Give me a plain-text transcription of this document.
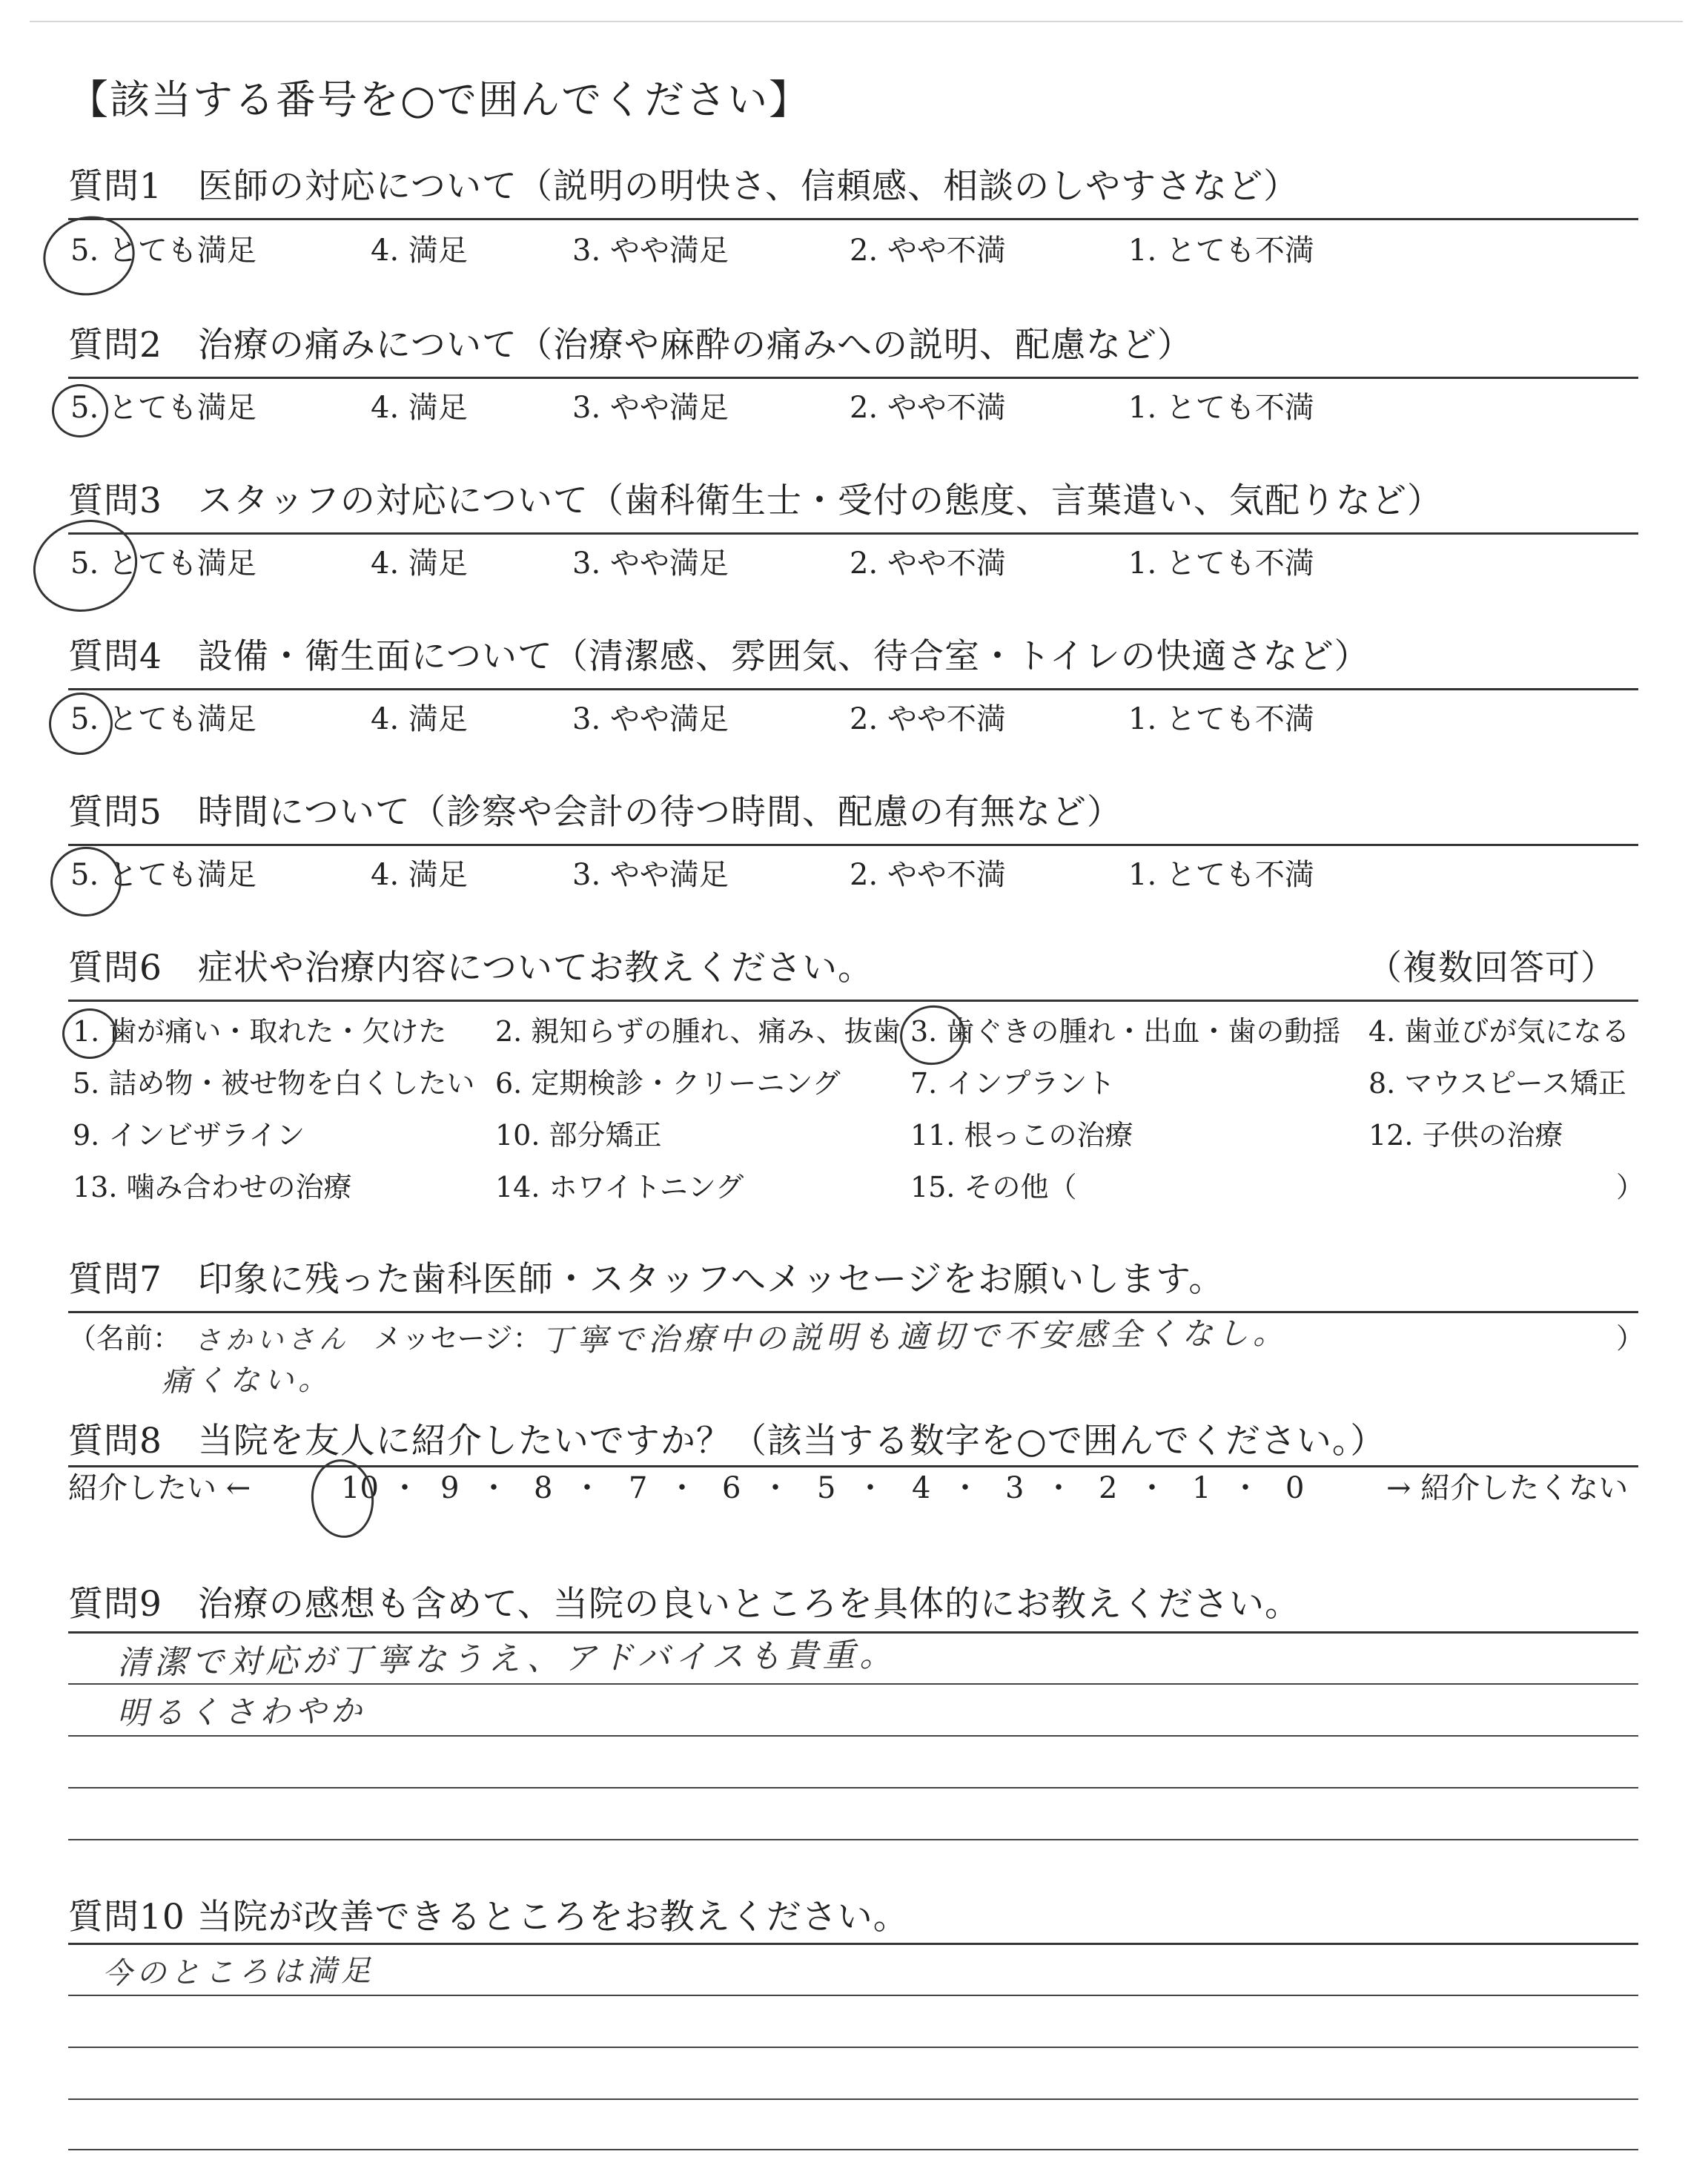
【該当する番号を○で囲んでください】
質問1　医師の対応について（説明の明快さ、信頼感、相談のしやすさなど）
5. とても満足	4. 満足	3. やや満足	2. やや不満	1. とても不満
質問2　治療の痛みについて（治療や麻酔の痛みへの説明、配慮など）
5. とても満足	4. 満足	3. やや満足	2. やや不満	1. とても不満
質問3　スタッフの対応について（歯科衛生士・受付の態度、言葉遣い、気配りなど）
5. とても満足	4. 満足	3. やや満足	2. やや不満	1. とても不満
質問4　設備・衛生面について（清潔感、雰囲気、待合室・トイレの快適さなど）
5. とても満足	4. 満足	3. やや満足	2. やや不満	1. とても不満
質問5　時間について（診察や会計の待つ時間、配慮の有無など）
5. とても満足	4. 満足	3. やや満足	2. やや不満	1. とても不満
質問6　症状や治療内容についてお教えください。	（複数回答可）
1. 歯が痛い・取れた・欠けた 2. 親知らずの腫れ、痛み、抜歯 3. 歯ぐきの腫れ・出血・歯の動揺 4. 歯並びが気になる
5. 詰め物・被せ物を白くしたい 6. 定期検診・クリーニング 7. インプラント	8. マウスピース矯正
9. インビザライン	10. 部分矯正	11. 根っこの治療	12. 子供の治療
13. 噛み合わせの治療	14. ホワイトニング	15. その他（	）
質問7　印象に残った歯科医師・スタッフへメッセージをお願いします。
（名前： さかいさん メッセージ： 丁寧で治療中の説明も適切で不安感全くなし。	）
痛くない。
質問8　当院を友人に紹介したいですか？（該当する数字を○で囲んでください。）
紹介したい ←	→ 紹介したくない
10 ・ 9 ・ 8 ・ 7 ・ 6 ・ 5 ・ 4 ・ 3 ・ 2 ・ 1 ・ 0
質問9　治療の感想も含めて、当院の良いところを具体的にお教えください。
清潔で対応が丁寧なうえ、アドバイスも貴重。
明るくさわやか
質問10 当院が改善できるところをお教えください。
今のところは満足
